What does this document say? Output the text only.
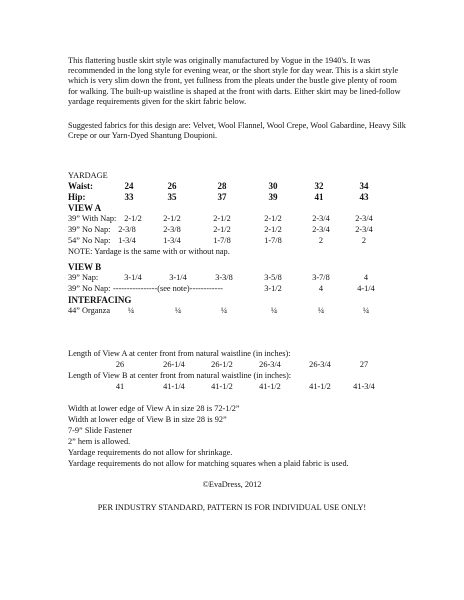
This flattering bustle skirt style was originally manufactured by Vogue in the 1940's. It was recommended in the long style for evening wear, or the short style for day wear. This is a skirt style which is very slim down the front, yet fullness from the pleats under the bustle give plenty of room for walking. The built-up waistline is shaped at the front with darts. Either skirt may be lined-follow yardage requirements given for the skirt fabric below.

Suggested fabrics for this design are: Velvet, Wool Flannel, Wool Crepe, Wool Gabardine, Heavy Silk Crepe or our Yarn-Dyed Shantung Doupioni.

YARDAGE
Waist:	24	26	28	30	32	34
Hip:	33	35	37	39	41	43
VIEW A
39” With Nap: 2-1/2	2-1/2	2-1/2	2-1/2	2-3/4	2-3/4
39” No Nap: 2-3/8	2-3/8	2-1/2	2-1/2	2-3/4	2-3/4
54” No Nap: 1-3/4	1-3/4	1-7/8	1-7/8	2	2
NOTE: Yardage is the same with or without nap.
VIEW B
39” Nap:	3-1/4	3-1/4	3-3/8	3-5/8	3-7/8	4
39” No Nap: ----------------(see note)------------	3-1/2	4	4-1/4
INTERFACING
44” Organza ¼	¼	¼	¼	¼	¼
Length of View A at center front from natural waistline (in inches):
26	26-1/4	26-1/2	26-3/4	26-3/4	27
Length of View B at center front from natural waistline (in inches):
41	41-1/4	41-1/2	41-1/2	41-1/2	41-3/4
Width at lower edge of View A in size 28 is 72-1/2”
Width at lower edge of View B in size 28 is 92”
7-9” Slide Fastener
2” hem is allowed.
Yardage requirements do not allow for shrinkage.
Yardage requirements do not allow for matching squares when a plaid fabric is used.

©EvaDress, 2012

PER INDUSTRY STANDARD, PATTERN IS FOR INDIVIDUAL USE ONLY!
